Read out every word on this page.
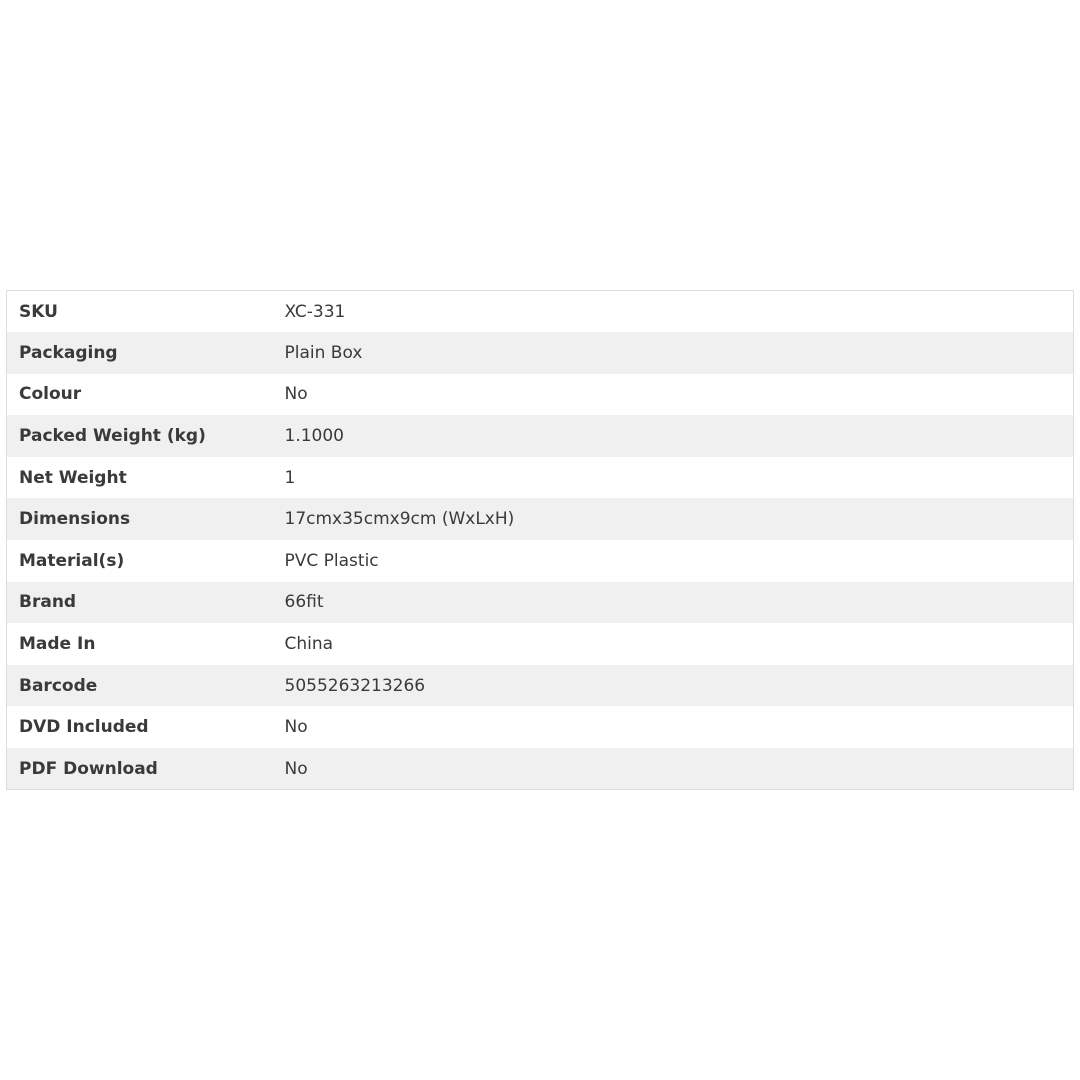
SKU	XC-331
Packaging	Plain Box
Colour	No
Packed Weight (kg)	1.1000
Net Weight	1
Dimensions	17cmx35cmx9cm (WxLxH)
Material(s)	PVC Plastic
Brand	66fit
Made In	China
Barcode	5055263213266
DVD Included	No
PDF Download	No
